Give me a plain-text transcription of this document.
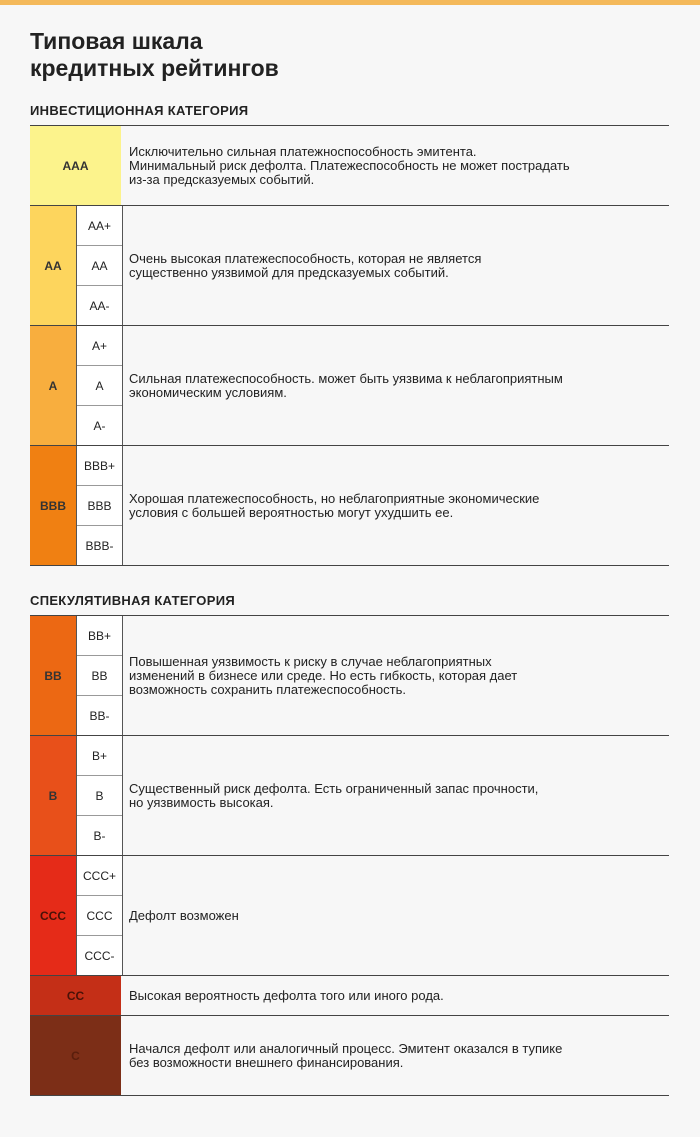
Типовая шкала
кредитных рейтингов
ИНВЕСТИЦИОННАЯ КАТЕГОРИЯ
AAA
Исключительно сильная платежноспособность эмитента.
Минимальный риск дефолта. Платежеспособность не может пострадать
из-за предсказуемых событий.
AA
AA+
AA
AA-
Очень высокая платежеспособность, которая не является
существенно уязвимой для предсказуемых событий.
A
A+
A
A-
Сильная платежеспособность. может быть уязвима к неблагоприятным
экономическим условиям.
BBB
BBB+
BBB
BBB-
Хорошая платежеспособность, но неблагоприятные экономические
условия с большей вероятностью могут ухудшить ее.
СПЕКУЛЯТИВНАЯ КАТЕГОРИЯ
BB
BB+
BB
BB-
Повышенная уязвимость к риску в случае неблагоприятных
изменений в бизнесе или среде. Но есть гибкость, которая дает
возможность сохранить платежеспособность.
B
B+
B
B-
Существенный риск дефолта. Есть ограниченный запас прочности,
но уязвимость высокая.
CCC
CCC+
CCC
CCC-
Дефолт возможен
CC	Высокая вероятность дефолта того или иного рода.
C	Начался дефолт или аналогичный процесс. Эмитент оказался в тупике
без возможности внешнего финансирования.
